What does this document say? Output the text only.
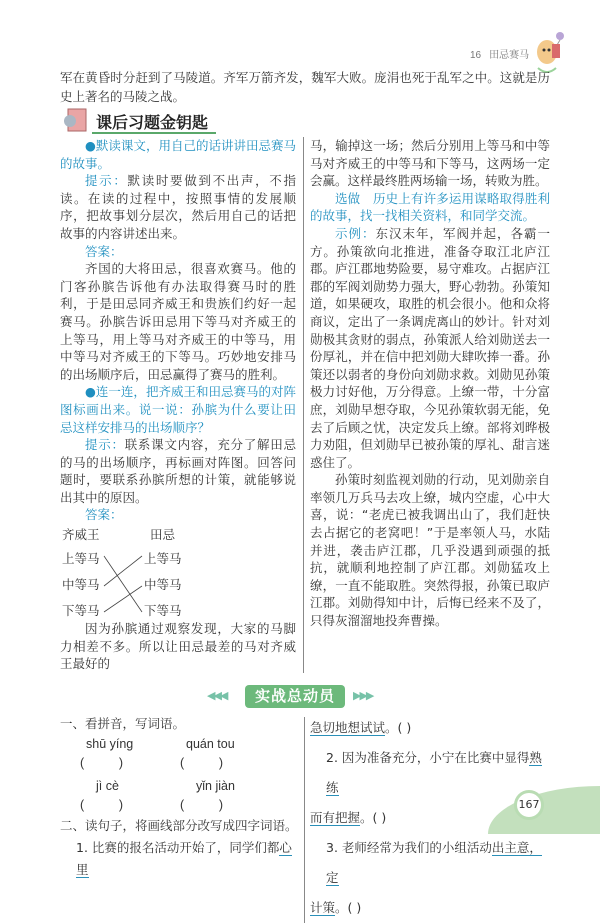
16 田忌赛马
军在黄昏时分赶到了马陵道。齐军万箭齐发，魏军大败。庞涓也死于乱军之中。这就是历史上著名的马陵之战。
课后习题金钥匙

●默读课文，用自己的话讲讲田忌赛马的故事。

提示：默读时要做到不出声，不指读。在读的过程中，按照事情的发展顺序，把故事划分层次，然后用自己的话把故事的内容讲述出来。

答案：

齐国的大将田忌，很喜欢赛马。他的门客孙膑告诉他有办法取得赛马时的胜利，于是田忌同齐威王和贵族们约好一起赛马。孙膑告诉田忌用下等马对齐威王的上等马，用上等马对齐威王的中等马，用中等马对齐威王的下等马。巧妙地安排马的出场顺序后，田忌赢得了赛马的胜利。

●连一连，把齐威王和田忌赛马的对阵图标画出来。说一说：孙膑为什么要让田忌这样安排马的出场顺序？

提示：联系课文内容，充分了解田忌的马的出场顺序，再标画对阵图。回答问题时，要联系孙膑所想的计策，就能够说出其中的原因。

答案：

齐威王	田忌
上等马
中等马
下等马
上等马
中等马
下等马

因为孙膑通过观察发现，大家的马脚力相差不多。所以让田忌最差的马对齐威王最好的

马，输掉这一场；然后分别用上等马和中等马对齐威王的中等马和下等马，这两场一定会赢。这样最终胜两场输一场，转败为胜。

选做  历史上有许多运用谋略取得胜利的故事，找一找相关资料，和同学交流。

示例：东汉末年，军阀并起，各霸一方。孙策欲向北推进，准备夺取江北庐江郡。庐江郡地势险要，易守难攻。占据庐江郡的军阀刘勋势力强大，野心勃勃。孙策知道，如果硬攻，取胜的机会很小。他和众将商议，定出了一条调虎离山的妙计。针对刘勋极其贪财的弱点，孙策派人给刘勋送去一份厚礼，并在信中把刘勋大肆吹捧一番。孙策还以弱者的身份向刘勋求救。刘勋见孙策极力讨好他，万分得意。上缭一带，十分富庶，刘勋早想夺取，今见孙策软弱无能，免去了后顾之忧，决定发兵上缭。部将刘晔极力劝阻，但刘勋早已被孙策的厚礼、甜言迷惑住了。

孙策时刻监视刘勋的行动，见刘勋亲自率领几万兵马去攻上缭，城内空虚，心中大喜，说：“老虎已被我调出山了，我们赶快去占据它的老窝吧！”于是率领人马，水陆并进，袭击庐江郡，几乎没遇到顽强的抵抗，就顺利地控制了庐江郡。刘勋猛攻上缭，一直不能取胜。突然得报，孙策已取庐江郡。刘勋得知中计，后悔已经来不及了，只得灰溜溜地投奔曹操。

◀◀◀	实战总动员	▶▶▶

一、看拼音，写词语。

shū yíng	quán tou
(          )	(          )
jì cè	yǐn jiàn
(          )	(          )

二、读句子，将画线部分改写成四字词语。

1. 比赛的报名活动开始了，同学们都心里

急切地想试试。( )

2. 因为准备充分，小宁在比赛中显得熟练

而有把握。( )

3. 老师经常为我们的小组活动出主意，定

计策。( )

167
